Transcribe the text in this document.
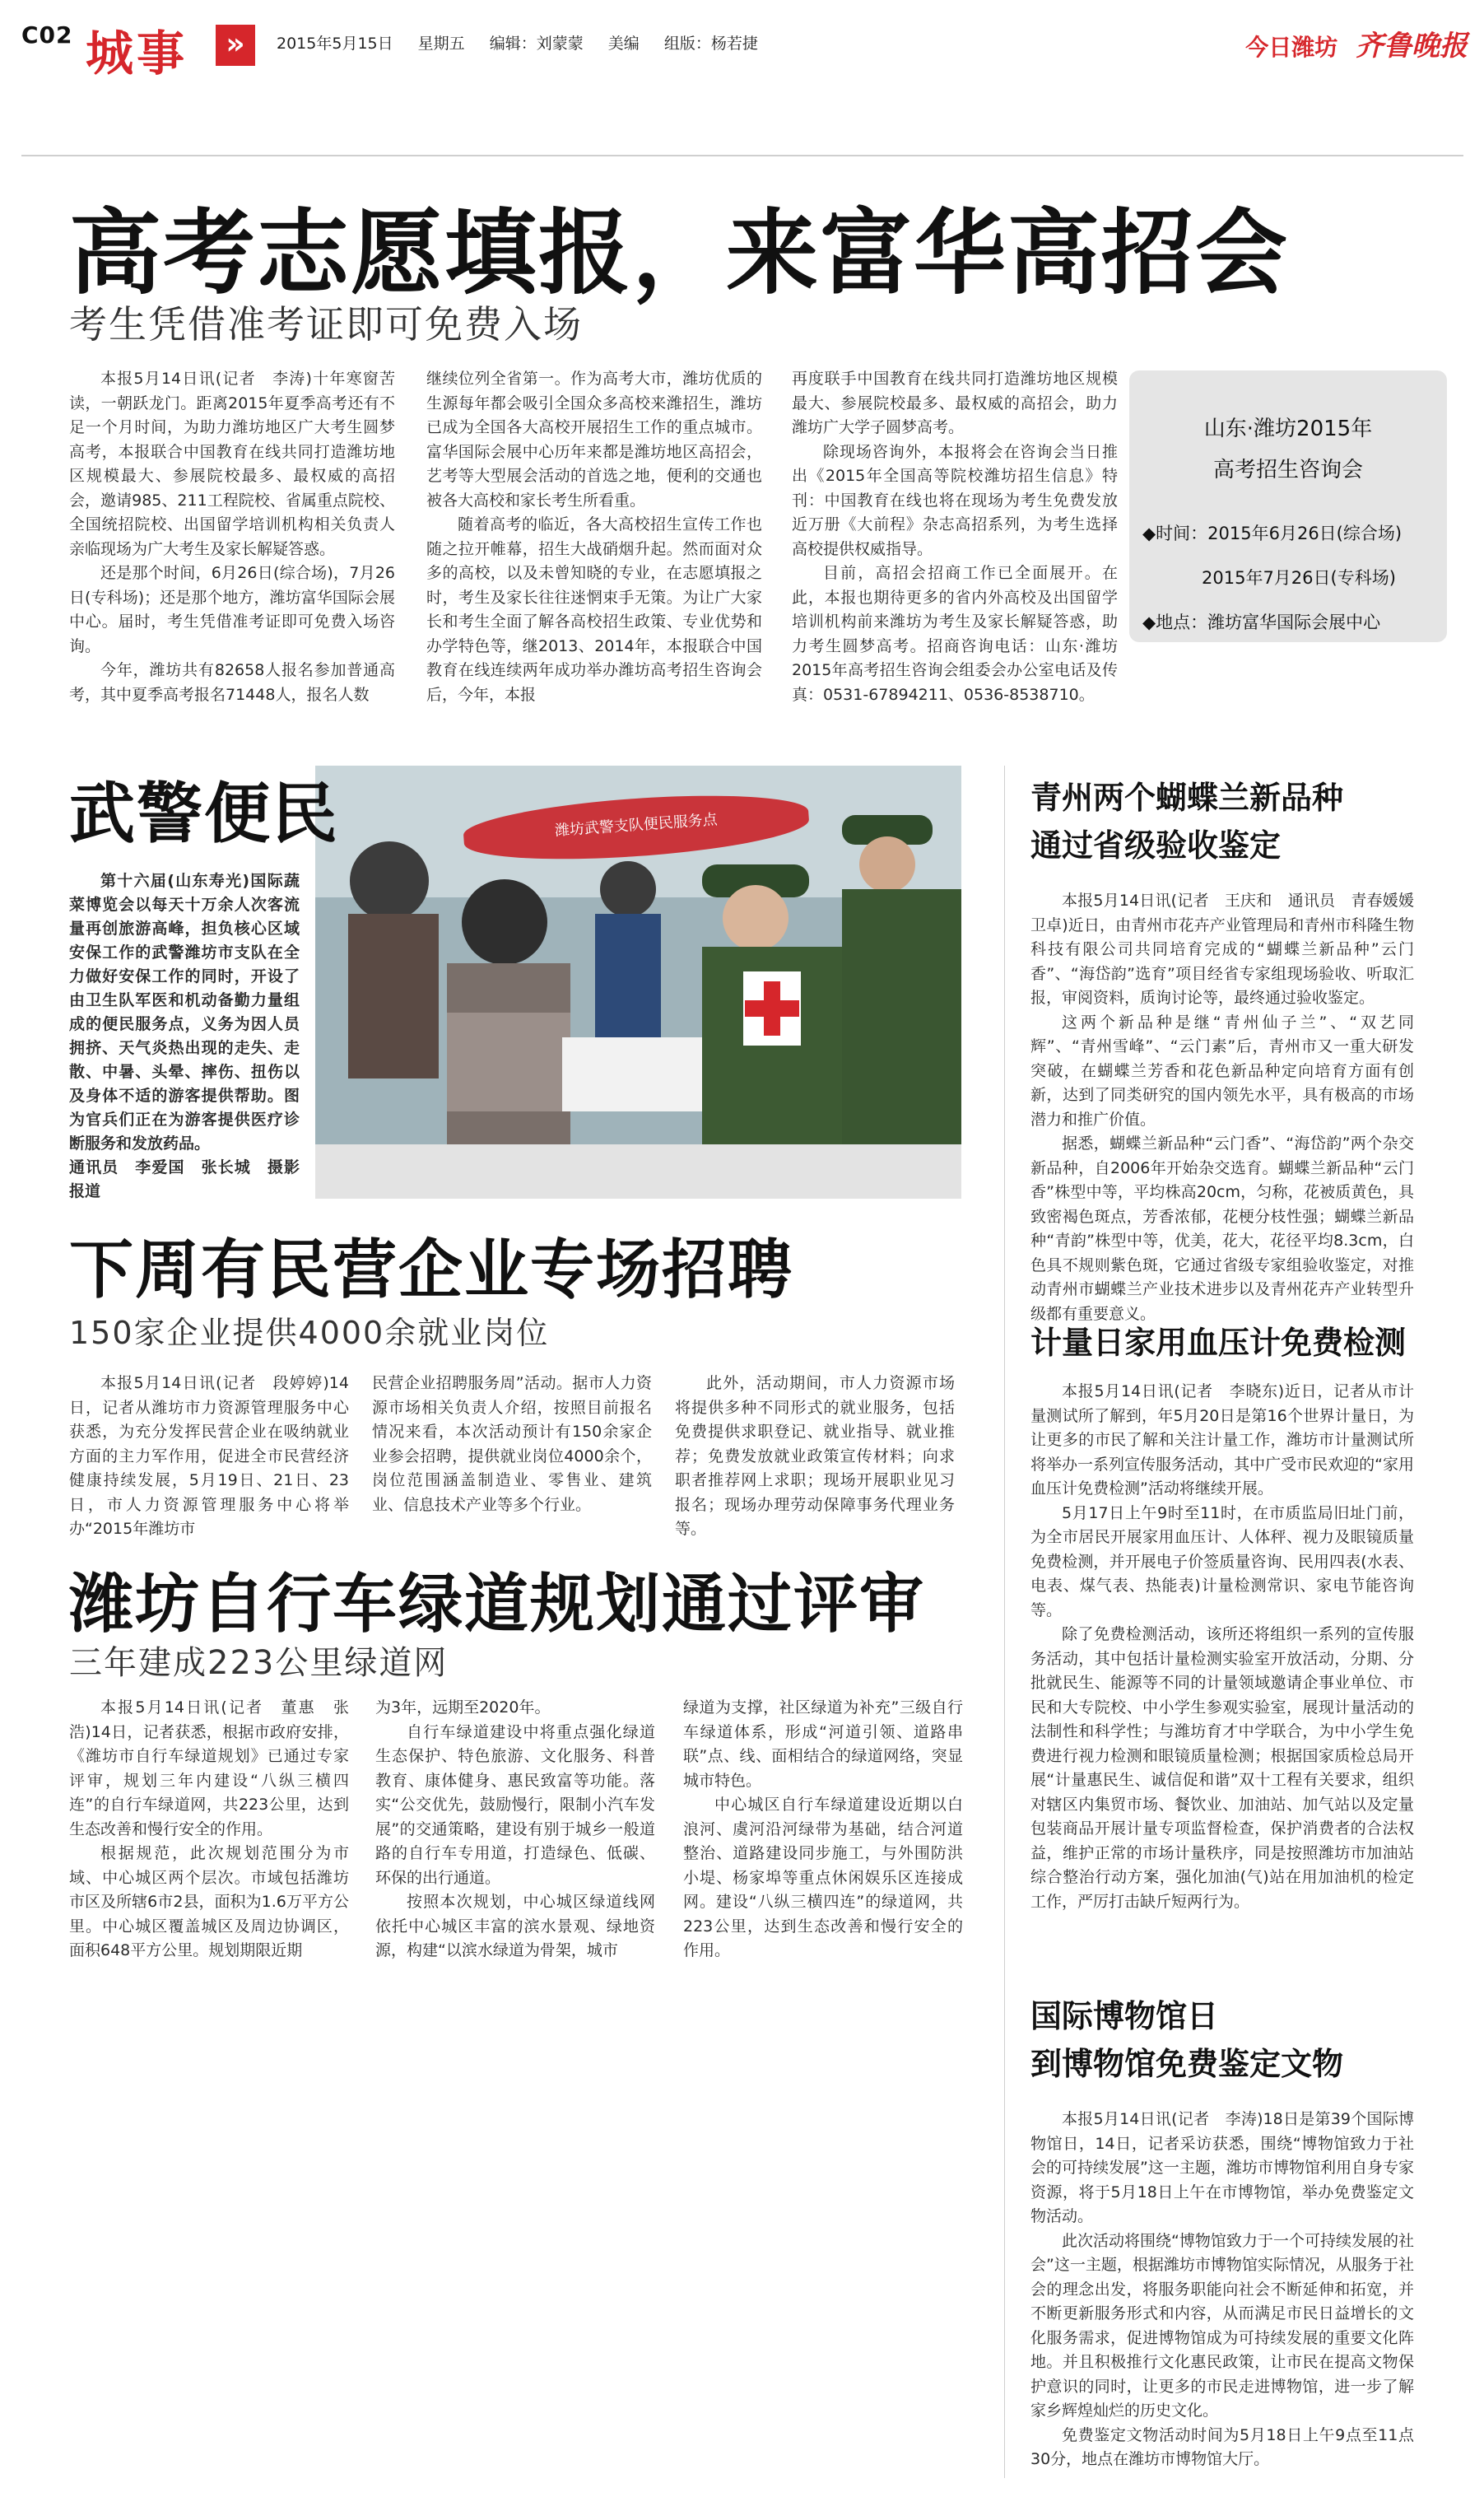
C02 城事	»	2015年5月15日 星期五 编辑：刘蒙蒙 美编 组版：杨若捷	今日潍坊 齐鲁晚报
高考志愿填报，来富华高招会
考生凭借准考证即可免费入场

本报5月14日讯(记者　李涛)十年寒窗苦读，一朝跃龙门。距离2015年夏季高考还有不足一个月时间，为助力潍坊地区广大考生圆梦高考，本报联合中国教育在线共同打造潍坊地区规模最大、参展院校最多、最权威的高招会，邀请985、211工程院校、省属重点院校、全国统招院校、出国留学培训机构相关负责人亲临现场为广大考生及家长解疑答惑。

还是那个时间，6月26日(综合场)，7月26日(专科场)；还是那个地方，潍坊富华国际会展中心。届时，考生凭借准考证即可免费入场咨询。

今年，潍坊共有82658人报名参加普通高考，其中夏季高考报名71448人，报名人数

继续位列全省第一。作为高考大市，潍坊优质的生源每年都会吸引全国众多高校来潍招生，潍坊已成为全国各大高校开展招生工作的重点城市。富华国际会展中心历年来都是潍坊地区高招会，艺考等大型展会活动的首选之地，便利的交通也被各大高校和家长考生所看重。

随着高考的临近，各大高校招生宣传工作也随之拉开帷幕，招生大战硝烟升起。然而面对众多的高校，以及未曾知晓的专业，在志愿填报之时，考生及家长往往迷惘束手无策。为让广大家长和考生全面了解各高校招生政策、专业优势和办学特色等，继2013、2014年，本报联合中国教育在线连续两年成功举办潍坊高考招生咨询会后，今年，本报

再度联手中国教育在线共同打造潍坊地区规模最大、参展院校最多、最权威的高招会，助力潍坊广大学子圆梦高考。

除现场咨询外，本报将会在咨询会当日推出《2015年全国高等院校潍坊招生信息》特刊：中国教育在线也将在现场为考生免费发放近万册《大前程》杂志高招系列，为考生选择高校提供权威指导。

目前，高招会招商工作已全面展开。在此，本报也期待更多的省内外高校及出国留学培训机构前来潍坊为考生及家长解疑答惑，助力考生圆梦高考。招商咨询电话：山东·潍坊2015年高考招生咨询会组委会办公室电话及传真：0531-67894211、0536-8538710。

山东·潍坊2015年
高考招生咨询会
◆时间：2015年6月26日(综合场)
2015年7月26日(专科场)
◆地点：潍坊富华国际会展中心
武警便民

第十六届(山东寿光)国际蔬菜博览会以每天十万余人次客流量再创旅游高峰，担负核心区域安保工作的武警潍坊市支队在全力做好安保工作的同时，开设了由卫生队军医和机动备勤力量组成的便民服务点，义务为因人员拥挤、天气炎热出现的走失、走散、中暑、头晕、摔伤、扭伤以及身体不适的游客提供帮助。图为官兵们正在为游客提供医疗诊断服务和发放药品。

通讯员　李爱国　张长城　摄影报道

潍坊武警支队便民服务点
下周有民营企业专场招聘
150家企业提供4000余就业岗位

本报5月14日讯(记者　段婷婷)14日，记者从潍坊市力资源管理服务中心获悉，为充分发挥民营企业在吸纳就业方面的主力军作用，促进全市民营经济健康持续发展，5月19日、21日、23日，市人力资源管理服务中心将举办“2015年潍坊市

民营企业招聘服务周”活动。据市人力资源市场相关负责人介绍，按照目前报名情况来看，本次活动预计有150余家企业参会招聘，提供就业岗位4000余个，岗位范围涵盖制造业、零售业、建筑业、信息技术产业等多个行业。

此外，活动期间，市人力资源市场将提供多种不同形式的就业服务，包括免费提供求职登记、就业指导、就业推荐；免费发放就业政策宣传材料；向求职者推荐网上求职；现场开展职业见习报名；现场办理劳动保障事务代理业务等。

潍坊自行车绿道规划通过评审
三年建成223公里绿道网

本报5月14日讯(记者　董惠　张浩)14日，记者获悉，根据市政府安排，《潍坊市自行车绿道规划》已通过专家评审，规划三年内建设“八纵三横四连”的自行车绿道网，共223公里，达到生态改善和慢行安全的作用。

根据规范，此次规划范围分为市域、中心城区两个层次。市域包括潍坊市区及所辖6市2县，面积为1.6万平方公里。中心城区覆盖城区及周边协调区，面积648平方公里。规划期限近期

为3年，远期至2020年。

自行车绿道建设中将重点强化绿道生态保护、特色旅游、文化服务、科普教育、康体健身、惠民致富等功能。落实“公交优先，鼓励慢行，限制小汽车发展”的交通策略，建设有别于城乡一般道路的自行车专用道，打造绿色、低碳、环保的出行通道。

按照本次规划，中心城区绿道线网依托中心城区丰富的滨水景观、绿地资源，构建“以滨水绿道为骨架，城市

绿道为支撑，社区绿道为补充”三级自行车绿道体系，形成“河道引领、道路串联”点、线、面相结合的绿道网络，突显城市特色。

中心城区自行车绿道建设近期以白浪河、虞河沿河绿带为基础，结合河道整治、道路建设同步施工，与外围防洪小堤、杨家埠等重点休闲娱乐区连接成网。建设“八纵三横四连”的绿道网，共223公里，达到生态改善和慢行安全的作用。

青州两个蝴蝶兰新品种
通过省级验收鉴定

本报5月14日讯(记者　王庆和　通讯员　青春媛媛　卫卓)近日，由青州市花卉产业管理局和青州市科隆生物科技有限公司共同培育完成的“蝴蝶兰新品种”云门香”、“海岱韵”选育”项目经省专家组现场验收、听取汇报，审阅资料，质询讨论等，最终通过验收鉴定。

这两个新品种是继“青州仙子兰”、“双艺同辉”、“青州雪峰”、“云门素”后，青州市又一重大研发突破，在蝴蝶兰芳香和花色新品种定向培育方面有创新，达到了同类研究的国内领先水平，具有极高的市场潜力和推广价值。

据悉，蝴蝶兰新品种“云门香”、“海岱韵”两个杂交新品种，自2006年开始杂交选育。蝴蝶兰新品种“云门香”株型中等，平均株高20cm，匀称，花被质黄色，具致密褐色斑点，芳香浓郁，花梗分枝性强；蝴蝶兰新品种“青韵”株型中等，优美，花大，花径平均8.3cm，白色具不规则紫色斑，它通过省级专家组验收鉴定，对推动青州市蝴蝶兰产业技术进步以及青州花卉产业转型升级都有重要意义。

计量日家用血压计免费检测

本报5月14日讯(记者　李晓东)近日，记者从市计量测试所了解到，年5月20日是第16个世界计量日，为让更多的市民了解和关注计量工作，潍坊市计量测试所将举办一系列宣传服务活动，其中广受市民欢迎的“家用血压计免费检测”活动将继续开展。

5月17日上午9时至11时，在市质监局旧址门前，为全市居民开展家用血压计、人体秤、视力及眼镜质量免费检测，并开展电子价签质量咨询、民用四表(水表、电表、煤气表、热能表)计量检测常识、家电节能咨询等。

除了免费检测活动，该所还将组织一系列的宣传服务活动，其中包括计量检测实验室开放活动，分期、分批就民生、能源等不同的计量领域邀请企事业单位、市民和大专院校、中小学生参观实验室，展现计量活动的法制性和科学性；与潍坊育才中学联合，为中小学生免费进行视力检测和眼镜质量检测；根据国家质检总局开展“计量惠民生、诚信促和谐”双十工程有关要求，组织对辖区内集贸市场、餐饮业、加油站、加气站以及定量包装商品开展计量专项监督检查，保护消费者的合法权益，维护正常的市场计量秩序，同是按照潍坊市加油站综合整治行动方案，强化加油(气)站在用加油机的检定工作，严厉打击缺斤短两行为。

国际博物馆日
到博物馆免费鉴定文物

本报5月14日讯(记者　李涛)18日是第39个国际博物馆日，14日，记者采访获悉，围绕“博物馆致力于社会的可持续发展”这一主题，潍坊市博物馆利用自身专家资源，将于5月18日上午在市博物馆，举办免费鉴定文物活动。

此次活动将围绕“博物馆致力于一个可持续发展的社会”这一主题，根据潍坊市博物馆实际情况，从服务于社会的理念出发，将服务职能向社会不断延伸和拓宽，并不断更新服务形式和内容，从而满足市民日益增长的文化服务需求，促进博物馆成为可持续发展的重要文化阵地。并且积极推行文化惠民政策，让市民在提高文物保护意识的同时，让更多的市民走进博物馆，进一步了解家乡辉煌灿烂的历史文化。

免费鉴定文物活动时间为5月18日上午9点至11点30分，地点在潍坊市博物馆大厅。
